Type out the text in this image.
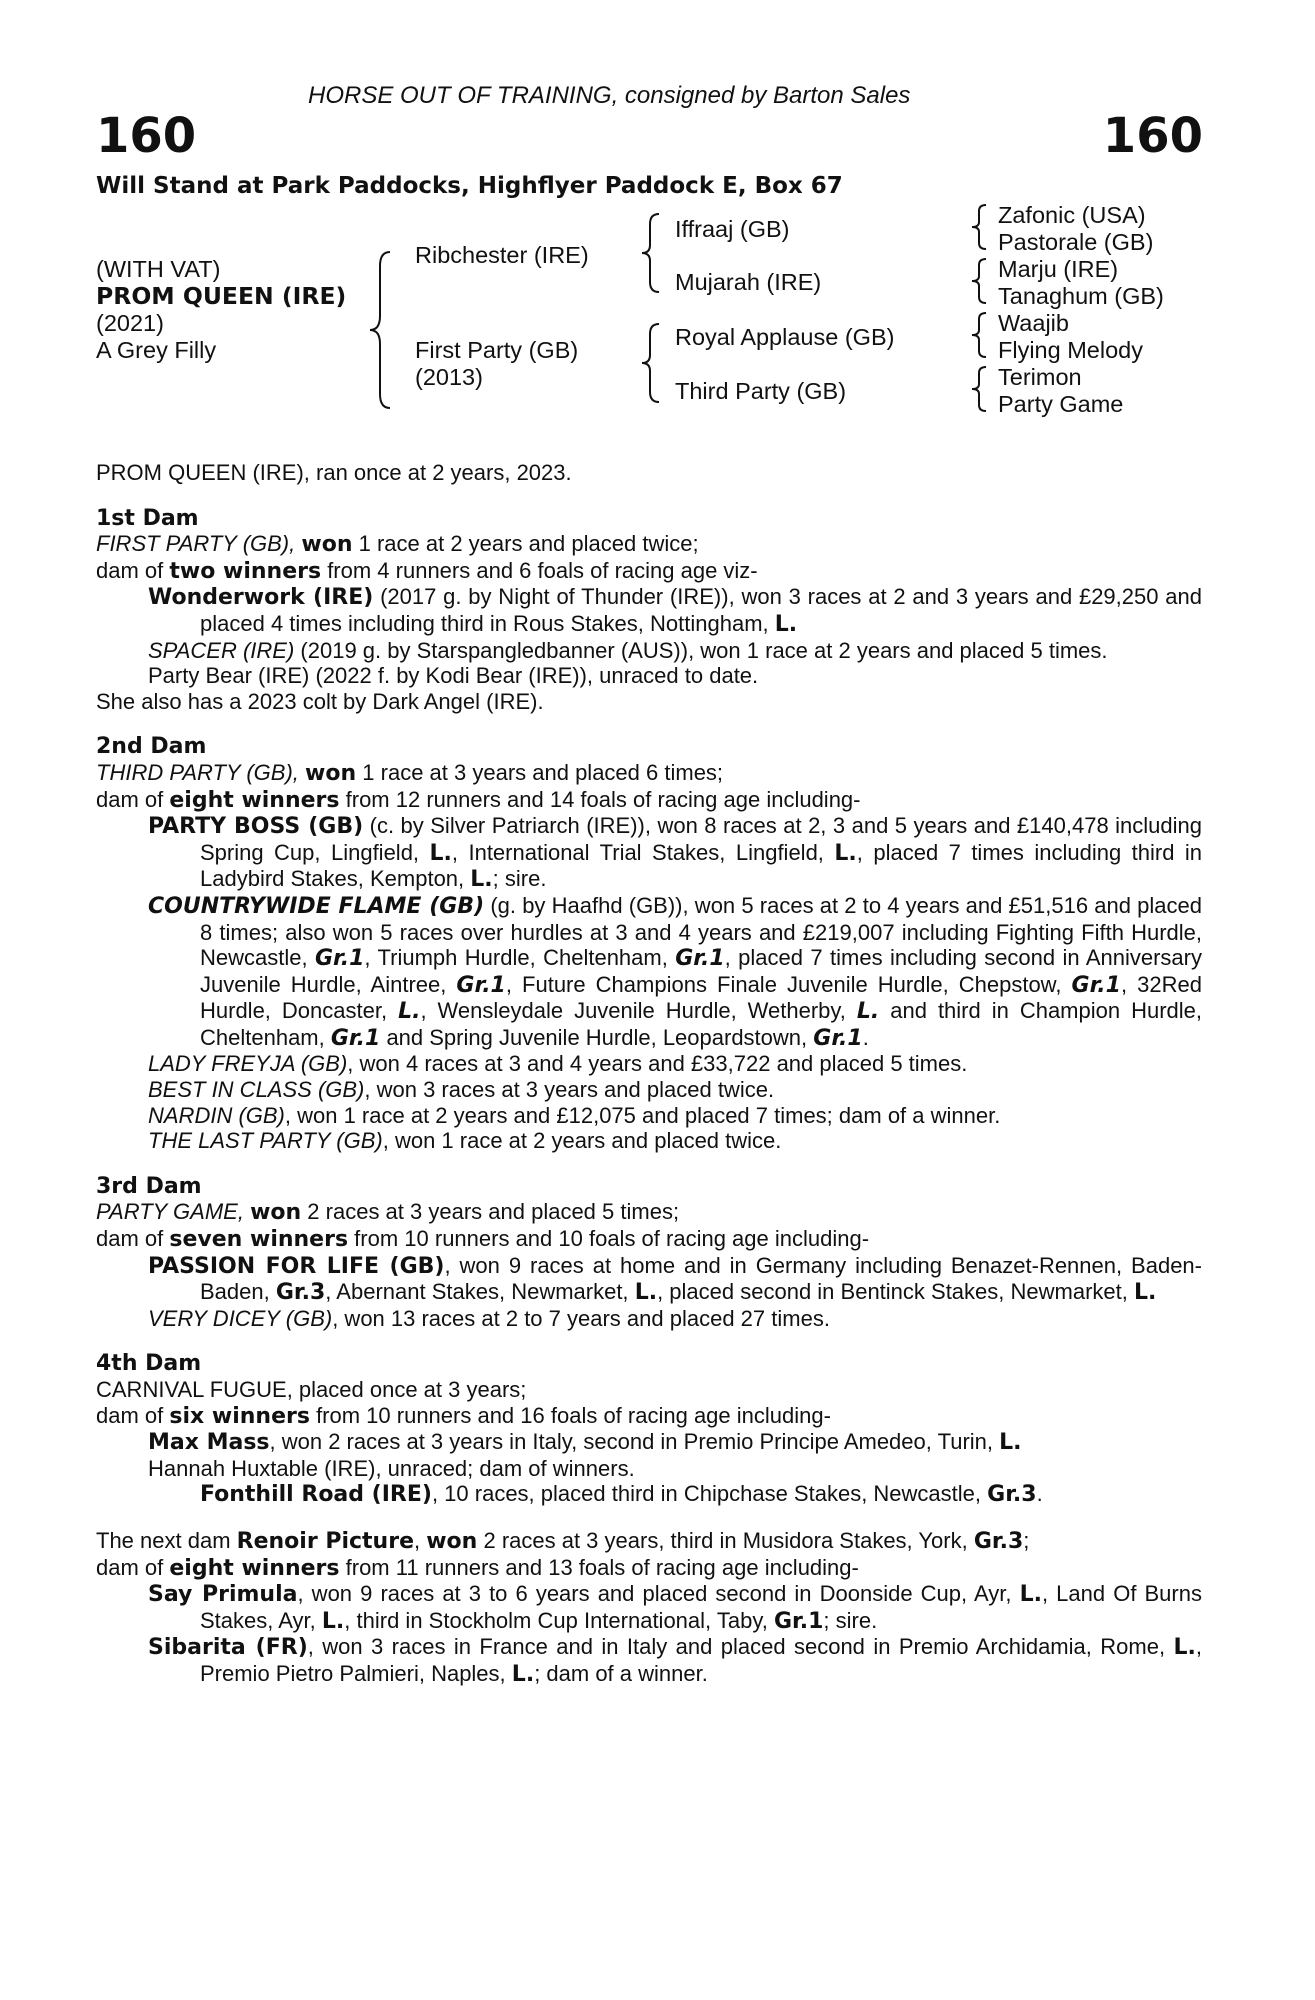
HORSE OUT OF TRAINING, consigned by Barton Sales
160	160
Will Stand at Park Paddocks, Highflyer Paddock E, Box 67
(WITH VAT)
PROM QUEEN (IRE)
(2021)
A Grey Filly
Ribchester (IRE)
First Party (GB)
(2013)
Iffraaj (GB)
Mujarah (IRE)
Royal Applause (GB)
Third Party (GB)
Zafonic (USA)
Pastorale (GB)
Marju (IRE)
Tanaghum (GB)
Waajib
Flying Melody
Terimon
Party Game

PROM QUEEN (IRE), ran once at 2 years, 2023.

1st Dam

FIRST PARTY (GB), won 1 race at 2 years and placed twice;

dam of two winners from 4 runners and 6 foals of racing age viz-

Wonderwork (IRE) (2017 g. by Night of Thunder (IRE)), won 3 races at 2 and 3 years and £29,250 and placed 4 times including third in Rous Stakes, Nottingham, L.

SPACER (IRE) (2019 g. by Starspangledbanner (AUS)), won 1 race at 2 years and placed 5 times.

Party Bear (IRE) (2022 f. by Kodi Bear (IRE)), unraced to date.

She also has a 2023 colt by Dark Angel (IRE).

2nd Dam

THIRD PARTY (GB), won 1 race at 3 years and placed 6 times;

dam of eight winners from 12 runners and 14 foals of racing age including-

PARTY BOSS (GB) (c. by Silver Patriarch (IRE)), won 8 races at 2, 3 and 5 years and £140,478 including Spring Cup, Lingfield, L., International Trial Stakes, Lingfield, L., placed 7 times including third in Ladybird Stakes, Kempton, L.; sire.

COUNTRYWIDE FLAME (GB) (g. by Haafhd (GB)), won 5 races at 2 to 4 years and £51,516 and placed 8 times; also won 5 races over hurdles at 3 and 4 years and £219,007 including Fighting Fifth Hurdle, Newcastle, Gr.1, Triumph Hurdle, Cheltenham, Gr.1, placed 7 times including second in Anniversary Juvenile Hurdle, Aintree, Gr.1, Future Champions Finale Juvenile Hurdle, Chepstow, Gr.1, 32Red Hurdle, Doncaster, L., Wensleydale Juvenile Hurdle, Wetherby, L. and third in Champion Hurdle, Cheltenham, Gr.1 and Spring Juvenile Hurdle, Leopardstown, Gr.1.

LADY FREYJA (GB), won 4 races at 3 and 4 years and £33,722 and placed 5 times.

BEST IN CLASS (GB), won 3 races at 3 years and placed twice.

NARDIN (GB), won 1 race at 2 years and £12,075 and placed 7 times; dam of a winner.

THE LAST PARTY (GB), won 1 race at 2 years and placed twice.

3rd Dam

PARTY GAME, won 2 races at 3 years and placed 5 times;

dam of seven winners from 10 runners and 10 foals of racing age including-

PASSION FOR LIFE (GB), won 9 races at home and in Germany including Benazet-Rennen, Baden-Baden, Gr.3, Abernant Stakes, Newmarket, L., placed second in Bentinck Stakes, Newmarket, L.

VERY DICEY (GB), won 13 races at 2 to 7 years and placed 27 times.

4th Dam

CARNIVAL FUGUE, placed once at 3 years;

dam of six winners from 10 runners and 16 foals of racing age including-

Max Mass, won 2 races at 3 years in Italy, second in Premio Principe Amedeo, Turin, L.

Hannah Huxtable (IRE), unraced; dam of winners.

Fonthill Road (IRE), 10 races, placed third in Chipchase Stakes, Newcastle, Gr.3.

The next dam Renoir Picture, won 2 races at 3 years, third in Musidora Stakes, York, Gr.3;

dam of eight winners from 11 runners and 13 foals of racing age including-

Say Primula, won 9 races at 3 to 6 years and placed second in Doonside Cup, Ayr, L., Land Of Burns Stakes, Ayr, L., third in Stockholm Cup International, Taby, Gr.1; sire.

Sibarita (FR), won 3 races in France and in Italy and placed second in Premio Archidamia, Rome, L., Premio Pietro Palmieri, Naples, L.; dam of a winner.
